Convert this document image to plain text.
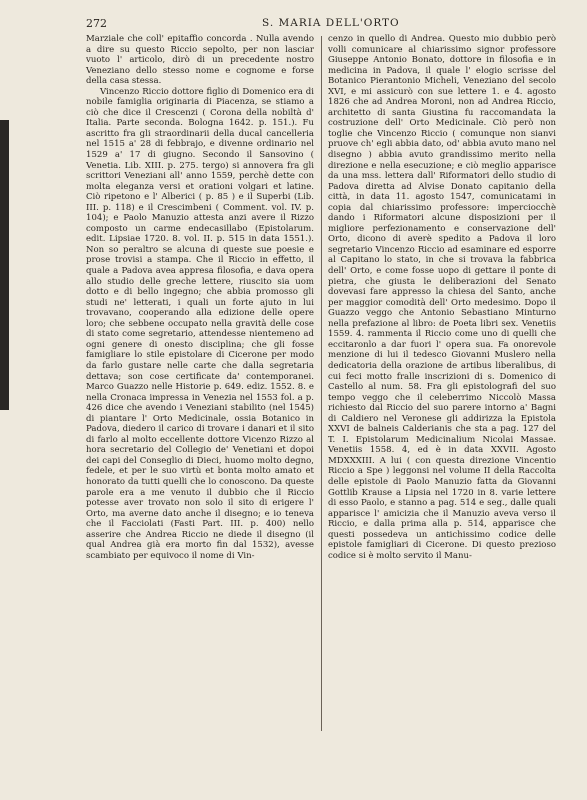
272	S. MARIA DELL'ORTO

Marziale che coll' epitaffio concorda . Nulla avendo a dire su questo Riccio sepolto, per non lasciar vuoto l' articolo, dirò di un precedente nostro Veneziano dello stesso nome e cognome e forse della casa stessa.

Vincenzo Riccio dottore figlio di Domenico era di nobile famiglia originaria di Piacenza, se stiamo a ciò che dice il Crescenzi ( Corona della nobiltà d' Italia. Parte seconda. Bologna 1642. p. 151.). Fu ascritto fra gli straordinarii della ducal cancelleria nel 1515 a' 28 di febbrajo, e divenne ordinario nel 1529 a' 17 di giugno. Secondo il Sansovino ( Venetia. Lib. XIII. p. 275. tergo) si annovera fra gli scrittori Veneziani all' anno 1559, perchè dette con molta eleganza versi et orationi volgari et latine. Ciò ripetono e l' Alberici ( p. 85 ) e il Superbi (Lib. III. p. 118) e il Crescimbeni ( Comment. vol. IV. p. 104); e Paolo Manuzio attesta anzi avere il Rizzo composto un carme endecasillabo (Epistolarum. edit. Lipsiae 1720. 8. vol. II. p. 515 in data 1551.). Non so peraltro se alcuna di queste sue poesie e prose trovisi a stampa. Che il Riccio in effetto, il quale a Padova avea appresa filosofia, e dava opera allo studio delle greche lettere, riuscito sia uom dotto e di bello ingegno; che abbia promosso gli studi ne' letterati, i quali un forte ajuto in lui trovavano, cooperando alla edizione delle opere loro; che sebbene occupato nella gravità delle cose di stato come segretario, attendesse nientemeno ad ogni genere di onesto disciplina; che gli fosse famigliare lo stile epistolare di Cicerone per modo da farlo gustare nelle carte che dalla segretaria dettava; son cose certificate da' contemporanei. Marco Guazzo nelle Historie p. 649. ediz. 1552. 8. e nella Cronaca impressa in Venezia nel 1553 fol. a p. 426 dice che avendo i Veneziani stabilito (nel 1545) di piantare l' Orto Medicinale, ossia Botanico in Padova, diedero il carico di trovare i danari et il sito di farlo al molto eccellente dottore Vicenzo Rizzo al hora secretario del Collegio de' Venetiani et dopoi dei capi del Conseglio di Dieci, huomo molto degno, fedele, et per le suo virtù et bonta molto amato et honorato da tutti quelli che lo conoscono. Da queste parole era a me venuto il dubbio che il Riccio potesse aver trovato non solo il sito di erigere l' Orto, ma averne dato anche il disegno; e io teneva che il Facciolati (Fasti Part. III. p. 400) nello asserire che Andrea Riccio ne diede il disegno (il qual Andrea già era morto fin dal 1532), avesse scambiato per equivoco il nome di Vin-

cenzo in quello di Andrea. Questo mio dubbio però volli comunicare al chiarissimo signor professore Giuseppe Antonio Bonato, dottore in filosofia e in medicina in Padova, il quale l' elogio scrisse del Botanico Pierantonio Micheli, Veneziano del secolo XVI, e mi assicurò con sue lettere 1. e 4. agosto 1826 che ad Andrea Moroni, non ad Andrea Riccio, architetto di santa Giustina fu raccomandata la costruzione dell' Orto Medicinale. Ciò però non toglie che Vincenzo Riccio ( comunque non sianvi pruove ch' egli abbia dato, od' abbia avuto mano nel disegno ) abbia avuto grandissimo merito nella direzione e nella esecuzione; e ciò meglio apparisce da una mss. lettera dall' Riformatori dello studio di Padova diretta ad Alvise Donato capitanio della città, in data 11. agosto 1547, comunicatami in copia dal chiarissimo professore: imperciocchè dando i Riformatori alcune disposizioni per il migliore perfezionamento e conservazione dell' Orto, dicono di averè spedito a Padova il loro segretario Vincenzo Riccio ad esaminare ed esporre al Capitano lo stato, in che si trovava la fabbrica dell' Orto, e come fosse uopo di gettare il ponte di pietra, che giusta le deliberazioni del Senato dovevasi fare appresso la chiesa del Santo, anche per maggior comodità dell' Orto medesimo. Dopo il Guazzo veggo che Antonio Sebastiano Minturno nella prefazione al libro: de Poeta libri sex. Venetiis 1559. 4. rammenta il Riccio come uno di quelli che eccitaronlo a dar fuori l' opera sua. Fa onorevole menzione di lui il tedesco Giovanni Muslero nella dedicatoria della orazione de artibus liberalibus, di cui feci motto fralle inscrizioni di s. Domenico di Castello al num. 58. Fra gli epistolografi del suo tempo veggo che il celeberrimo Niccolò Massa richiesto dal Riccio del suo parere intorno a' Bagni di Caldiero nel Veronese gli addirizza la Epistola XXVI de balneis Calderianis che sta a pag. 127 del T. I. Epistolarum Medicinalium Nicolai Massae. Venetiis 1558. 4, ed è in data XXVII. Agosto MDXXXIII. A lui ( con questa direzione Vincentio Riccio a Spe ) leggonsi nel volume II della Raccolta delle epistole di Paolo Manuzio fatta da Giovanni Gottlib Krause a Lipsia nel 1720 in 8. varie lettere di esso Paolo, e stanno a pag. 514 e seg., dalle quali apparisce l' amicizia che il Manuzio aveva verso il Riccio, e dalla prima alla p. 514, apparisce che questi possedeva un antichissimo codice delle epistole famigliari di Cicerone. Di questo prezioso codice si è molto servito il Manu-
